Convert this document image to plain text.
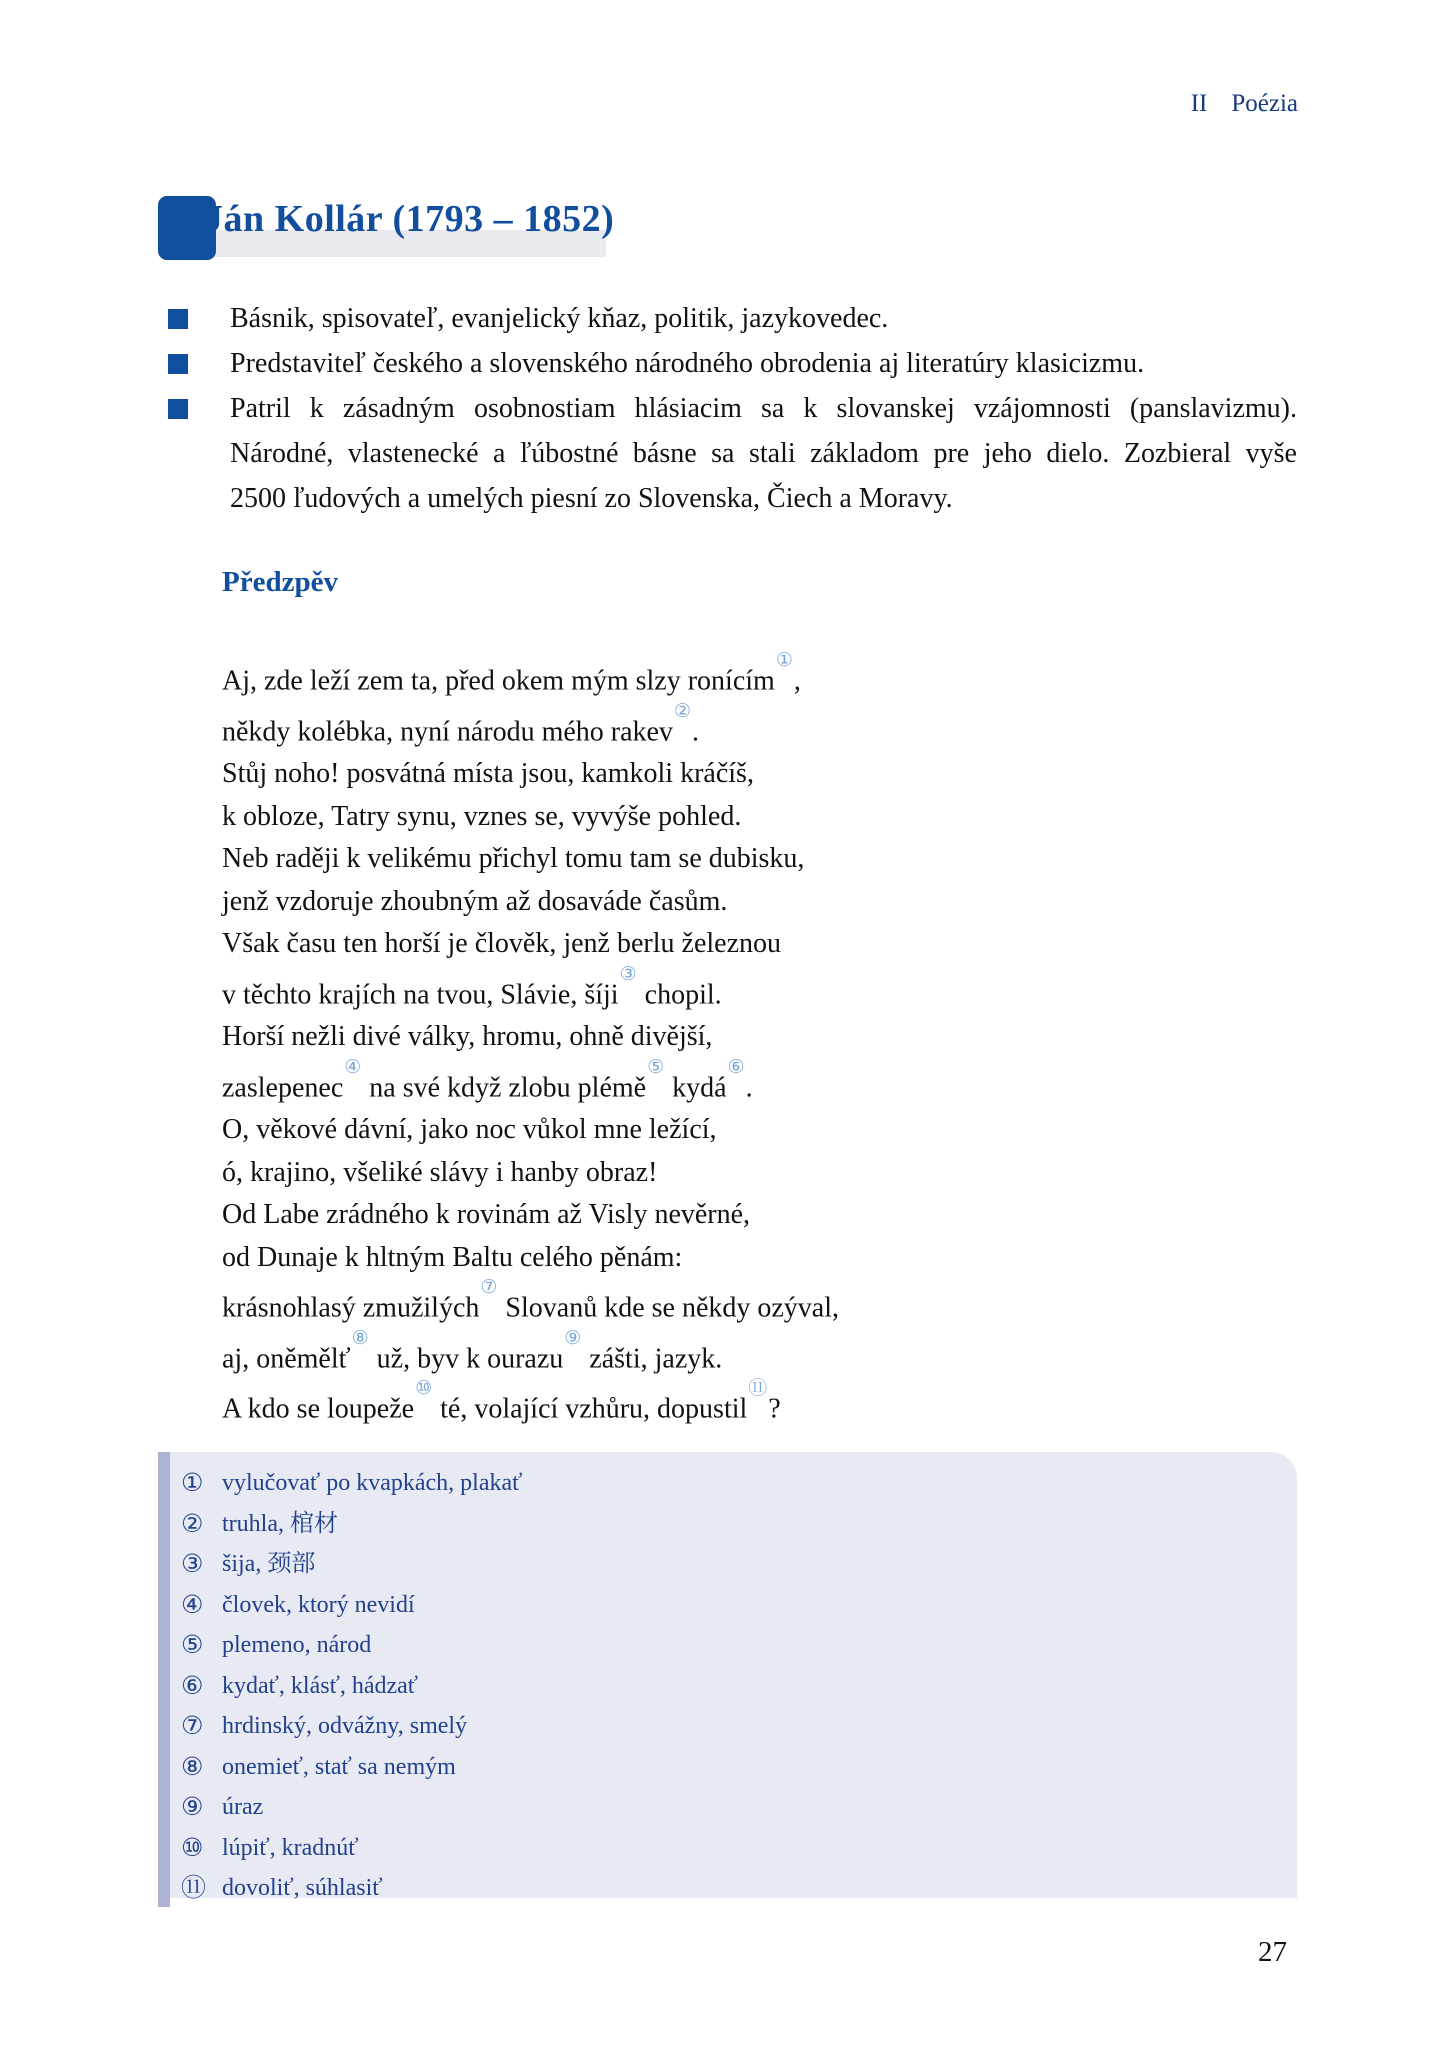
II Poézia
Ján Kollár (1793 – 1852)
Básnik, spisovateľ, evanjelický kňaz, politik, jazykovedec.
Predstaviteľ českého a slovenského národného obrodenia aj literatúry klasicizmu.
Patril k zásadným osobnostiam hlásiacim sa k slovanskej vzájomnosti (panslavizmu).
Národné, vlastenecké a ľúbostné básne sa stali základom pre jeho dielo. Zozbieral vyše
2500 ľudových a umelých piesní zo Slovenska, Čiech a Moravy.
Předzpěv
Aj, zde leží zem ta, před okem mým slzy ronícím①,
někdy kolébka, nyní národu mého rakev②.
Stůj noho! posvátná místa jsou, kamkoli kráčíš,
k obloze, Tatry synu, vznes se, vyvýše pohled.
Neb raději k velikému přichyl tomu tam se dubisku,
jenž vzdoruje zhoubným až dosaváde časům.
Však času ten horší je člověk, jenž berlu železnou
v těchto krajích na tvou, Slávie, šíji③ chopil.
Horší nežli divé války, hromu, ohně divější,
zaslepenec④ na své když zlobu plémě⑤ kydá⑥.
O, věkové dávní, jako noc vůkol mne ležící,
ó, krajino, všeliké slávy i hanby obraz!
Od Labe zrádného k rovinám až Visly nevěrné,
od Dunaje k hltným Baltu celého pěnám:
krásnohlasý zmužilých⑦ Slovanů kde se někdy ozýval,
aj, oněmělť⑧ už, byv k ourazu⑨ zášti, jazyk.
A kdo se loupeže⑩ té, volající vzhůru, dopustil⑪?
① vylučovať po kvapkách, plakať
② truhla, 棺材
③ šija, 颈部
④ človek, ktorý nevidí
⑤ plemeno, národ
⑥ kydať, klásť, hádzať
⑦ hrdinský, odvážny, smelý
⑧ onemieť, stať sa nemým
⑨ úraz
⑩ lúpiť, kradnúť
⑪ dovoliť, súhlasiť
27
